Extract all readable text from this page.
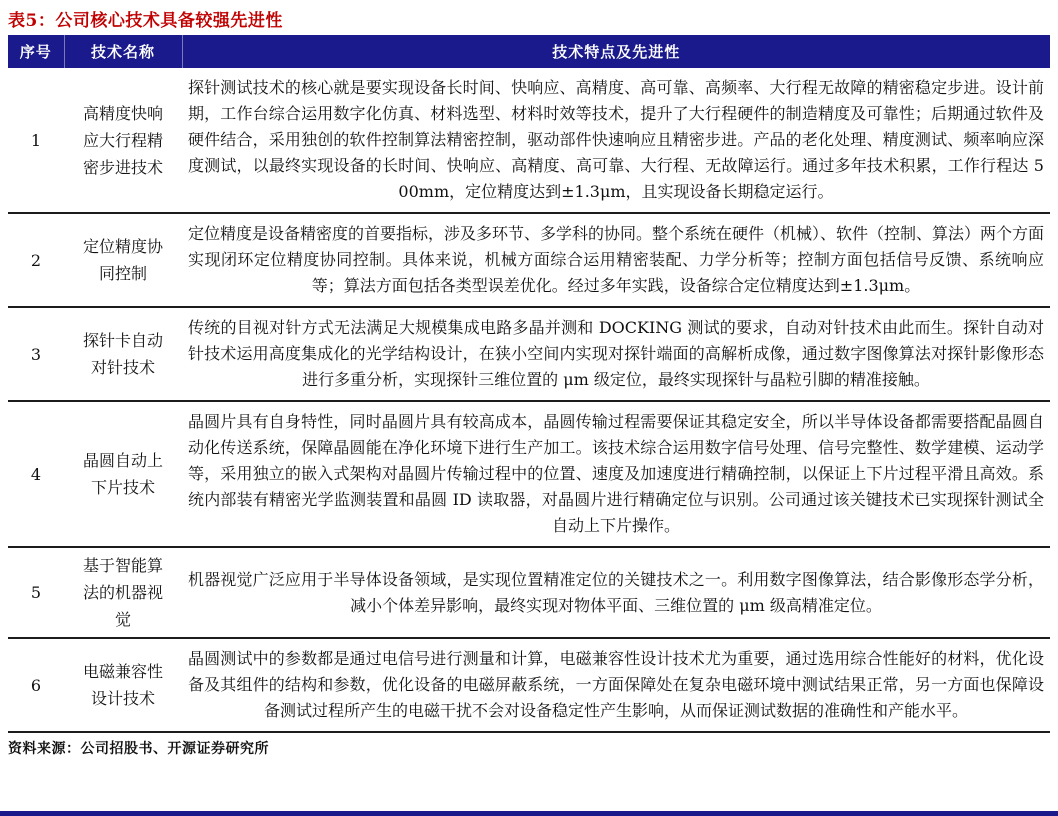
表5：公司核心技术具备较强先进性
序号	技术名称	技术特点及先进性
1	高精度快响应大行程精密步进技术	探针测试技术的核心就是要实现设备长时间、快响应、高精度、高可靠、高频率、大行程无故障的精密稳定步进。设计前期，工作台综合运用数字化仿真、材料选型、材料时效等技术，提升了大行程硬件的制造精度及可靠性；后期通过软件及硬件结合，采用独创的软件控制算法精密控制，驱动部件快速响应且精密步进。产品的老化处理、精度测试、频率响应深度测试，以最终实现设备的长时间、快响应、高精度、高可靠、大行程、无故障运行。通过多年技术积累，工作行程达 500mm，定位精度达到±1.3μm，且实现设备长期稳定运行。
2	定位精度协同控制	定位精度是设备精密度的首要指标，涉及多环节、多学科的协同。整个系统在硬件（机械）、软件（控制、算法）两个方面实现闭环定位精度协同控制。具体来说，机械方面综合运用精密装配、力学分析等；控制方面包括信号反馈、系统响应等；算法方面包括各类型误差优化。经过多年实践，设备综合定位精度达到±1.3μm。
3	探针卡自动对针技术	传统的目视对针方式无法满足大规模集成电路多晶并测和 DOCKING 测试的要求，自动对针技术由此而生。探针自动对针技术运用高度集成化的光学结构设计，在狭小空间内实现对探针端面的高解析成像，通过数字图像算法对探针影像形态进行多重分析，实现探针三维位置的 μm 级定位，最终实现探针与晶粒引脚的精准接触。
4	晶圆自动上下片技术	晶圆片具有自身特性，同时晶圆片具有较高成本，晶圆传输过程需要保证其稳定安全，所以半导体设备都需要搭配晶圆自动化传送系统，保障晶圆能在净化环境下进行生产加工。该技术综合运用数字信号处理、信号完整性、数学建模、运动学等，采用独立的嵌入式架构对晶圆片传输过程中的位置、速度及加速度进行精确控制，以保证上下片过程平滑且高效。系统内部装有精密光学监测装置和晶圆 ID 读取器，对晶圆片进行精确定位与识别。公司通过该关键技术已实现探针测试全自动上下片操作。
5	基于智能算法的机器视觉	机器视觉广泛应用于半导体设备领域，是实现位置精准定位的关键技术之一。利用数字图像算法，结合影像形态学分析，减小个体差异影响，最终实现对物体平面、三维位置的 μm 级高精准定位。
6	电磁兼容性设计技术	晶圆测试中的参数都是通过电信号进行测量和计算，电磁兼容性设计技术尤为重要，通过选用综合性能好的材料，优化设备及其组件的结构和参数，优化设备的电磁屏蔽系统，一方面保障处在复杂电磁环境中测试结果正常，另一方面也保障设备测试过程所产生的电磁干扰不会对设备稳定性产生影响，从而保证测试数据的准确性和产能水平。
资料来源：公司招股书、开源证券研究所
